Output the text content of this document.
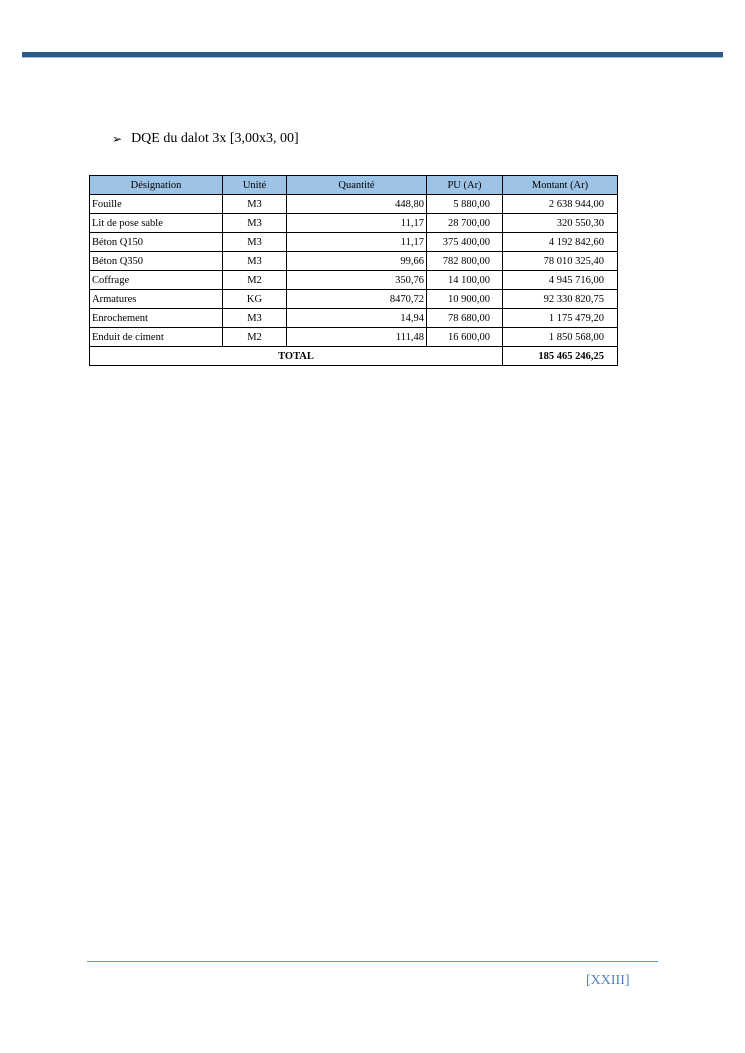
➢ DQE du dalot 3x [3,00x3, 00]
Désignation	Unité	Quantité	PU (Ar)	Montant (Ar)
Fouille	M3	448,80	5 880,00	2 638 944,00
Lit de pose sable	M3	11,17	28 700,00	320 550,30
Béton Q150	M3	11,17	375 400,00	4 192 842,60
Béton Q350	M3	99,66	782 800,00	78 010 325,40
Coffrage	M2	350,76	14 100,00	4 945 716,00
Armatures	KG	8470,72	10 900,00	92 330 820,75
Enrochement	M3	14,94	78 680,00	1 175 479,20
Enduit de ciment	M2	111,48	16 600,00	1 850 568,00
TOTAL				185 465 246,25
[XXIII]
